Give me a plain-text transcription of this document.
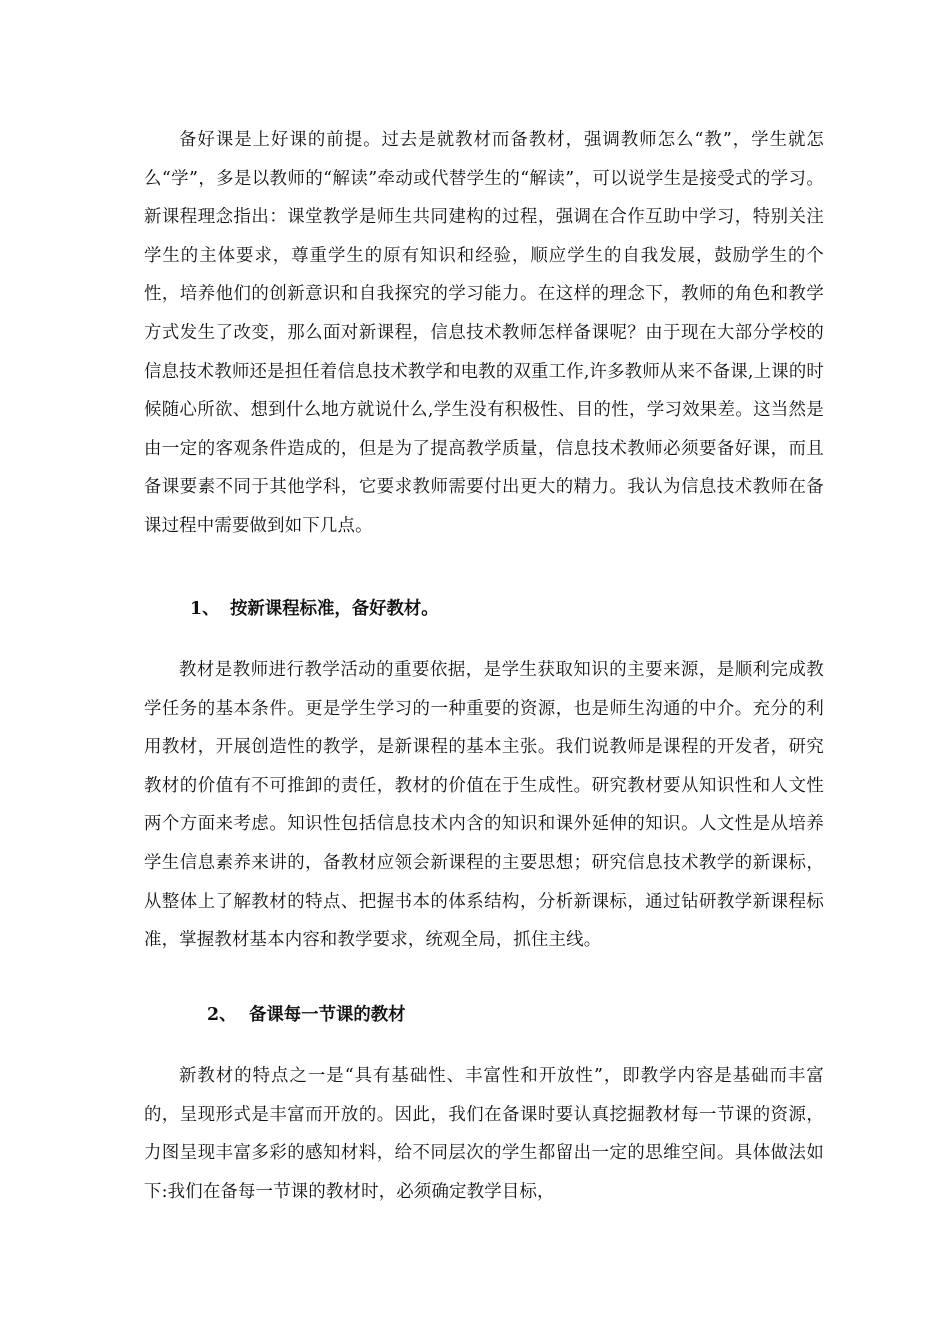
备好课是上好课的前提。过去是就教材而备教材，强调教师怎么“教”，学生就怎么“学”，多是以教师的“解读”牵动或代替学生的“解读”，可以说学生是接受式的学习。新课程理念指出：课堂教学是师生共同建构的过程，强调在合作互助中学习，特别关注学生的主体要求，尊重学生的原有知识和经验，顺应学生的自我发展，鼓励学生的个性，培养他们的创新意识和自我探究的学习能力。在这样的理念下，教师的角色和教学方式发生了改变，那么面对新课程，信息技术教师怎样备课呢？由于现在大部分学校的信息技术教师还是担任着信息技术教学和电教的双重工作,许多教师从来不备课,上课的时候随心所欲、想到什么地方就说什么,学生没有积极性、目的性，学习效果差。这当然是由一定的客观条件造成的，但是为了提高教学质量，信息技术教师必须要备好课，而且备课要素不同于其他学科，它要求教师需要付出更大的精力。我认为信息技术教师在备课过程中需要做到如下几点。

1、 按新课程标准，备好教材。

教材是教师进行教学活动的重要依据，是学生获取知识的主要来源，是顺利完成教学任务的基本条件。更是学生学习的一种重要的资源，也是师生沟通的中介。充分的利用教材，开展创造性的教学，是新课程的基本主张。我们说教师是课程的开发者，研究教材的价值有不可推卸的责任，教材的价值在于生成性。研究教材要从知识性和人文性两个方面来考虑。知识性包括信息技术内含的知识和课外延伸的知识。人文性是从培养学生信息素养来讲的，备教材应领会新课程的主要思想；研究信息技术教学的新课标，从整体上了解教材的特点、把握书本的体系结构，分析新课标，通过钻研教学新课程标准，掌握教材基本内容和教学要求，统观全局，抓住主线。

2、 备课每一节课的教材

新教材的特点之一是“具有基础性、丰富性和开放性”，即教学内容是基础而丰富的，呈现形式是丰富而开放的。因此，我们在备课时要认真挖掘教材每一节课的资源，力图呈现丰富多彩的感知材料，给不同层次的学生都留出一定的思维空间。具体做法如下:我们在备每一节课的教材时，必须确定教学目标，
